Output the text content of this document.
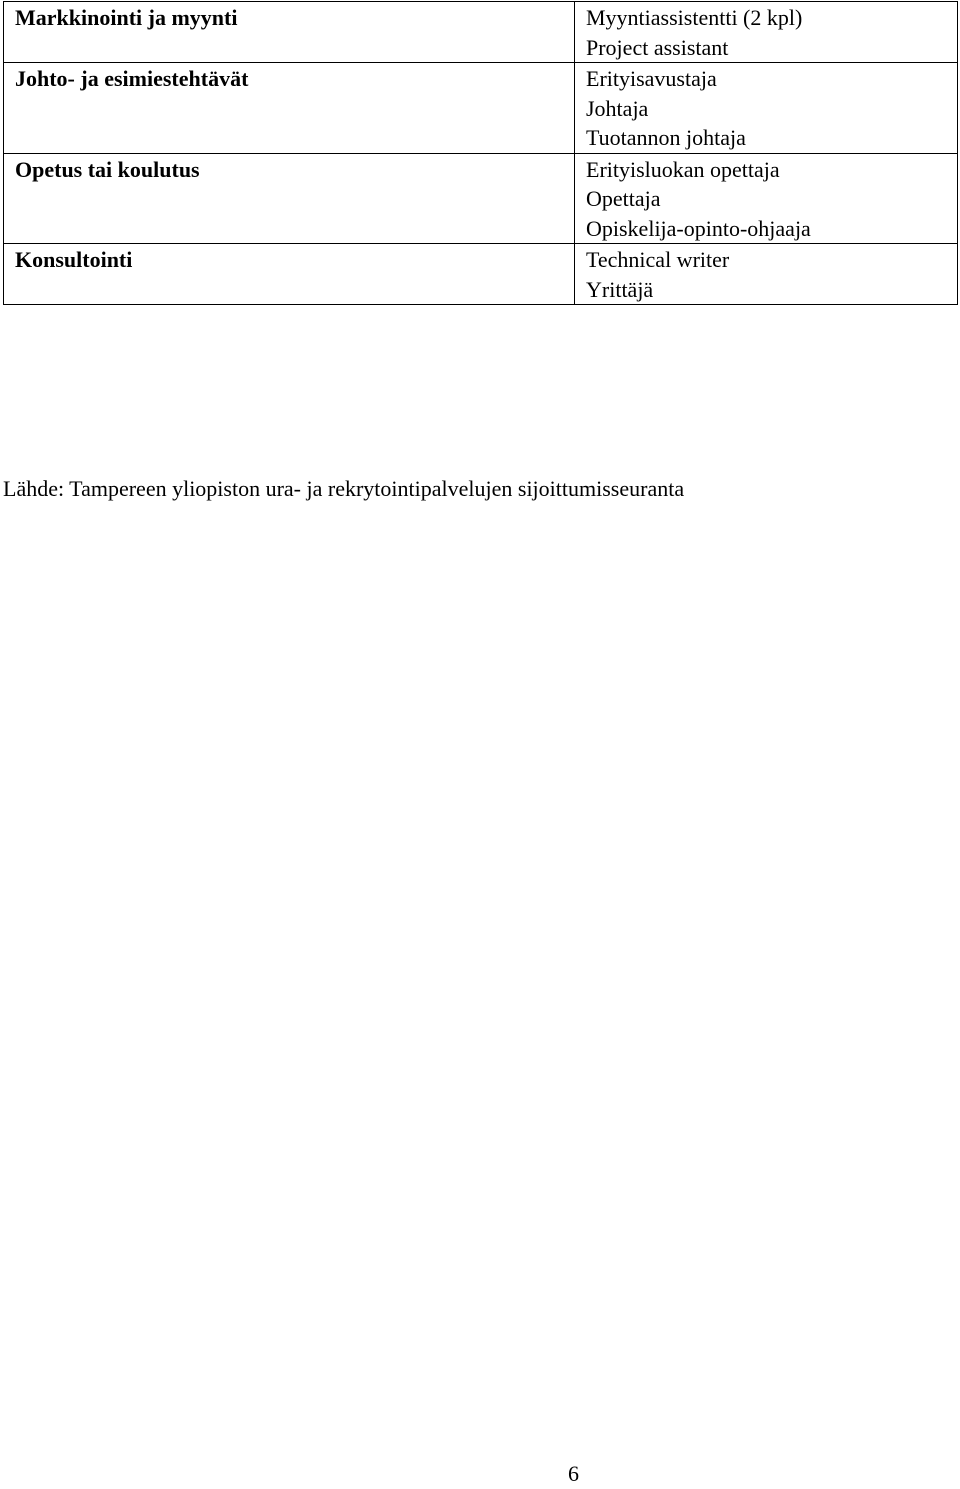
Markkinointi ja myynti	Myyntiassistentti (2 kpl)
Project assistant

Johto- ja esimiestehtävät	Erityisavustaja
Johtaja
Tuotannon johtaja

Opetus tai koulutus	Erityisluokan opettaja
Opettaja
Opiskelija-opinto-ohjaaja

Konsultointi	Technical writer
Yrittäjä
Lähde: Tampereen yliopiston ura- ja rekrytointipalvelujen sijoittumisseuranta
6
